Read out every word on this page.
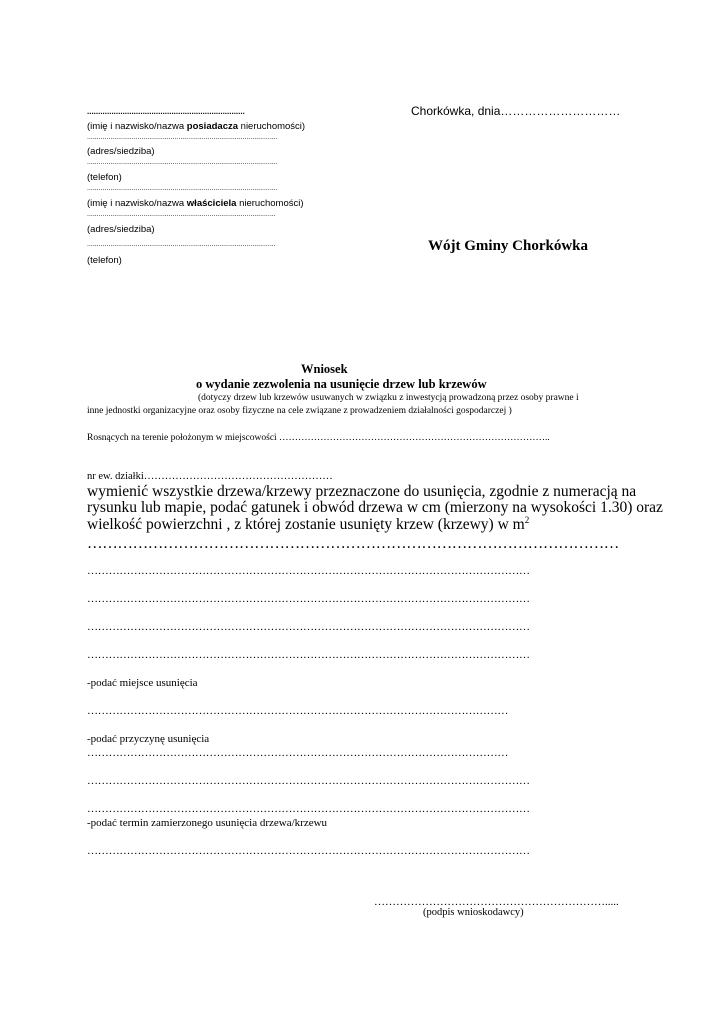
Chorkówka, dnia…………………………
.......................................................................
(imię i nazwisko/nazwa posiadacza nieruchomości)
..................................................................................................
(adres/siedziba)
..................................................................................................
(telefon)
..................................................................................................
(imię i nazwisko/nazwa właściciela nieruchomości)
.................................................................................................
(adres/siedziba)
.................................................................................................
(telefon)
Wójt Gminy Chorkówka
Wniosek
o wydanie zezwolenia na usunięcie drzew lub krzewów
(dotyczy drzew lub krzewów usuwanych w związku z inwestycją prowadzoną przez osoby prawne i
inne jednostki organizacyjne oraz osoby fizyczne na cele związane z prowadzeniem działalności gospodarczej )
Rosnących na terenie położonym w miejscowości …………………………………………………………………………..
nr ew. działki………………………………………………
wymienić wszystkie drzewa/krzewy przeznaczone do usunięcia, zgodnie z numeracją na
rysunku lub mapie, podać gatunek i obwód drzewa w cm (mierzony na wysokości 1.30) oraz
wielkość powierzchni , z której zostanie usunięty krzew (krzewy) w $m^2$
……………………………………………………………………………………………
……………………………………………………………………………………………………………
……………………………………………………………………………………………………………
……………………………………………………………………………………………………………
……………………………………………………………………………………………………………
-podać miejsce usunięcia
………………………………………………………………………………………………………
-podać przyczynę usunięcia
………………………………………………………………………………………………………
……………………………………………………………………………………………………………
……………………………………………………………………………………………………………
-podać termin zamierzonego usunięcia drzewa/krzewu
……………………………………………………………………………………………………………
……………………………………………………….....
(podpis wnioskodawcy)
